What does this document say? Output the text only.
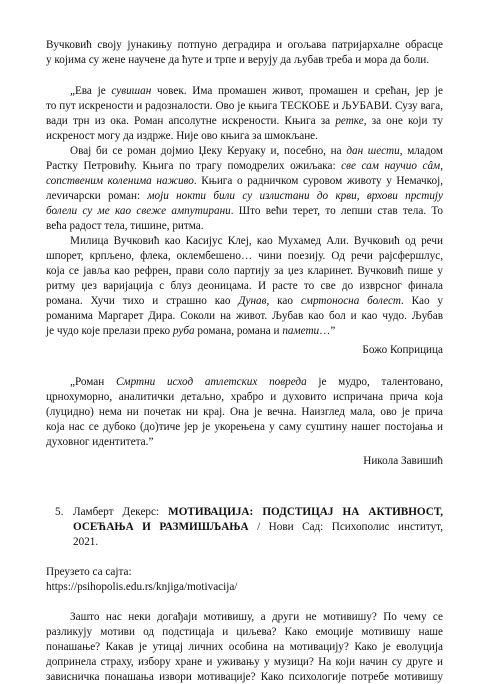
Вучковић своју јунакињу потпуно деградира и огољава патријархалне обрасце
у којима су жене научене да ћуте и трпе и верују да љубав треба и мора да боли.
„Ева је сувишан човек. Има промашен живот, промашен и срећан, јер је
то пут искрености и радозналости. Ово је књига ТЕСКОБЕ и ЉУБАВИ. Сузу вага,
вади трн из ока. Роман апсолутне искрености. Књига за ретке, за оне који ту
искреност могу да издрже. Није ово књига за шмокљане.
Овај би се роман дојмио Џеку Керуаку и, посебно, на дан шести, младом
Растку Петровићу. Књига по трагу помодрелих ожиљака: све сам научио сâм,
сопственим коленима наживо. Књига о радничком суровом животу у Немачкој,
леvичарски роман: моји нокти били су излистани до крви, врхови прстију
болели су ме као свеже ампутирани. Што већи терет, то лепши став тела. То
већа радост тела, тишине, ритма.
Милица Вучковић као Касијус Клеј, као Мухамед Али. Вучковић од речи
шпорет, крпљено, флека, оклембешено… чини поезију. Од речи рајсфершлус,
која се јавља као рефрен, прави соло партију за џез кларинет. Вучковић пише у
ритму џез варијација с блуз деоницама. И расте то све до изврсног финала
романа. Хучи тихо и страшно као Дунав, као смртоносна болест. Као у
романима Маргарет Дира. Соколи на живот. Љубав као бол и као чудо. Љубав
је чудо које прелази преко руба романа, романа и памети…”
Божо Коприцица
„Роман Смртни исход атлетских повреда је мудро, талентовано,
црнохуморно, аналитички детаљно, храбро и духовито испричана прича која
(луцидно) нема ни почетак ни крај. Она је вечна. Наизглед мала, ово је прича
која нас се дубоко (до)тиче јер је укорењена у саму суштину нашег постојања и
духовног идентитета.”
Никола Завишић
5. Ламберт Декерс: МОТИВАЦИЈА: ПОДСТИЦАЈ НА АКТИВНОСТ,
ОСЕЋАЊА И РАЗМИШЉАЊА / Нови Сад: Психополис институт,
2021.
Преузето са сајта:
https://psihopolis.edu.rs/knjiga/motivacija/
Зашто нас неки догађаји мотивишу, а други не мотивишу? По чему се
разликују мотиви од подстицаја и циљева? Како емоције мотивишу наше
понашање? Какав је утицај личних особина на мотивацију? Како је еволуција
допринела страху, избору хране и уживању у музици? На који начин су друге и
зависничка понашања извори мотивације? Како психологије потребе мотивишу
